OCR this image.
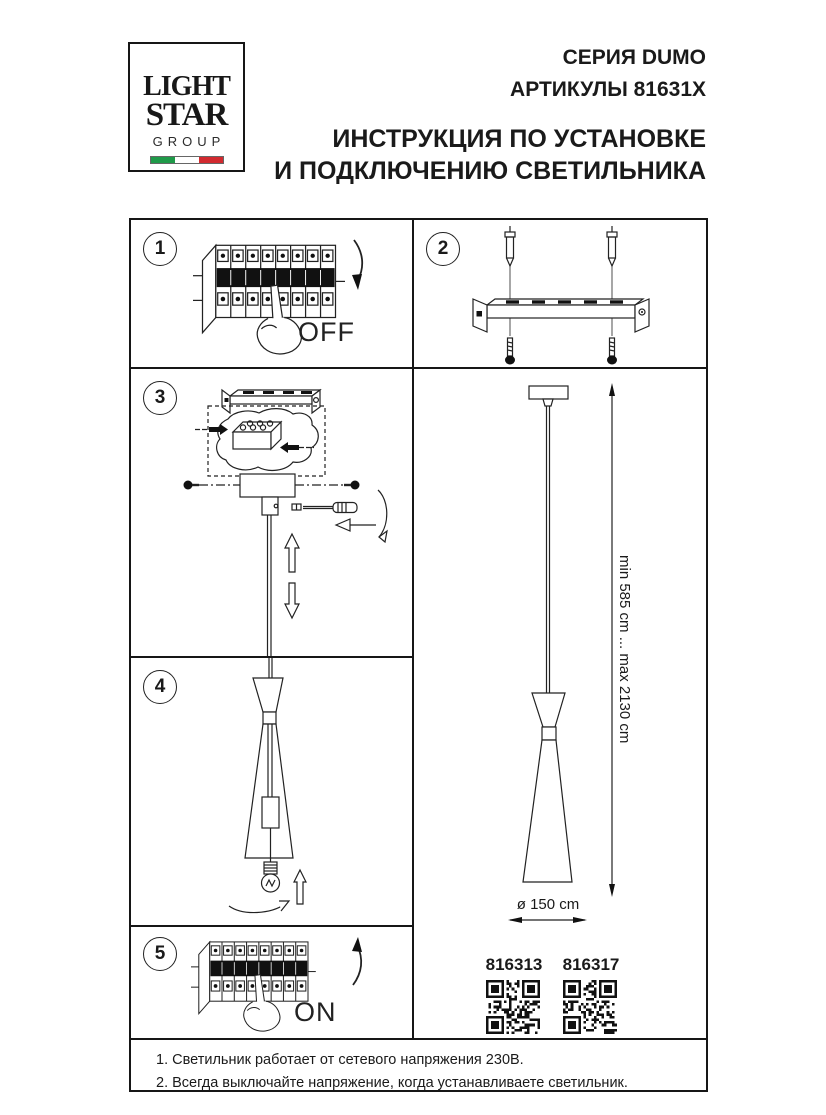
LIGHT
STAR
GROUP
СЕРИЯ DUMO
АРТИКУЛЫ 81631X
ИНСТРУКЦИЯ ПО УСТАНОВКЕ
И ПОДКЛЮЧЕНИЮ СВЕТИЛЬНИКА
1
OFF
2
3
4
5
ON
min 585 cm ... max 2130 cm
ø 150 cm
816313 816317
1. Светильник работает от сетевого напряжения 230В.
2. Всегда выключайте напряжение, когда устанавливаете светильник.
